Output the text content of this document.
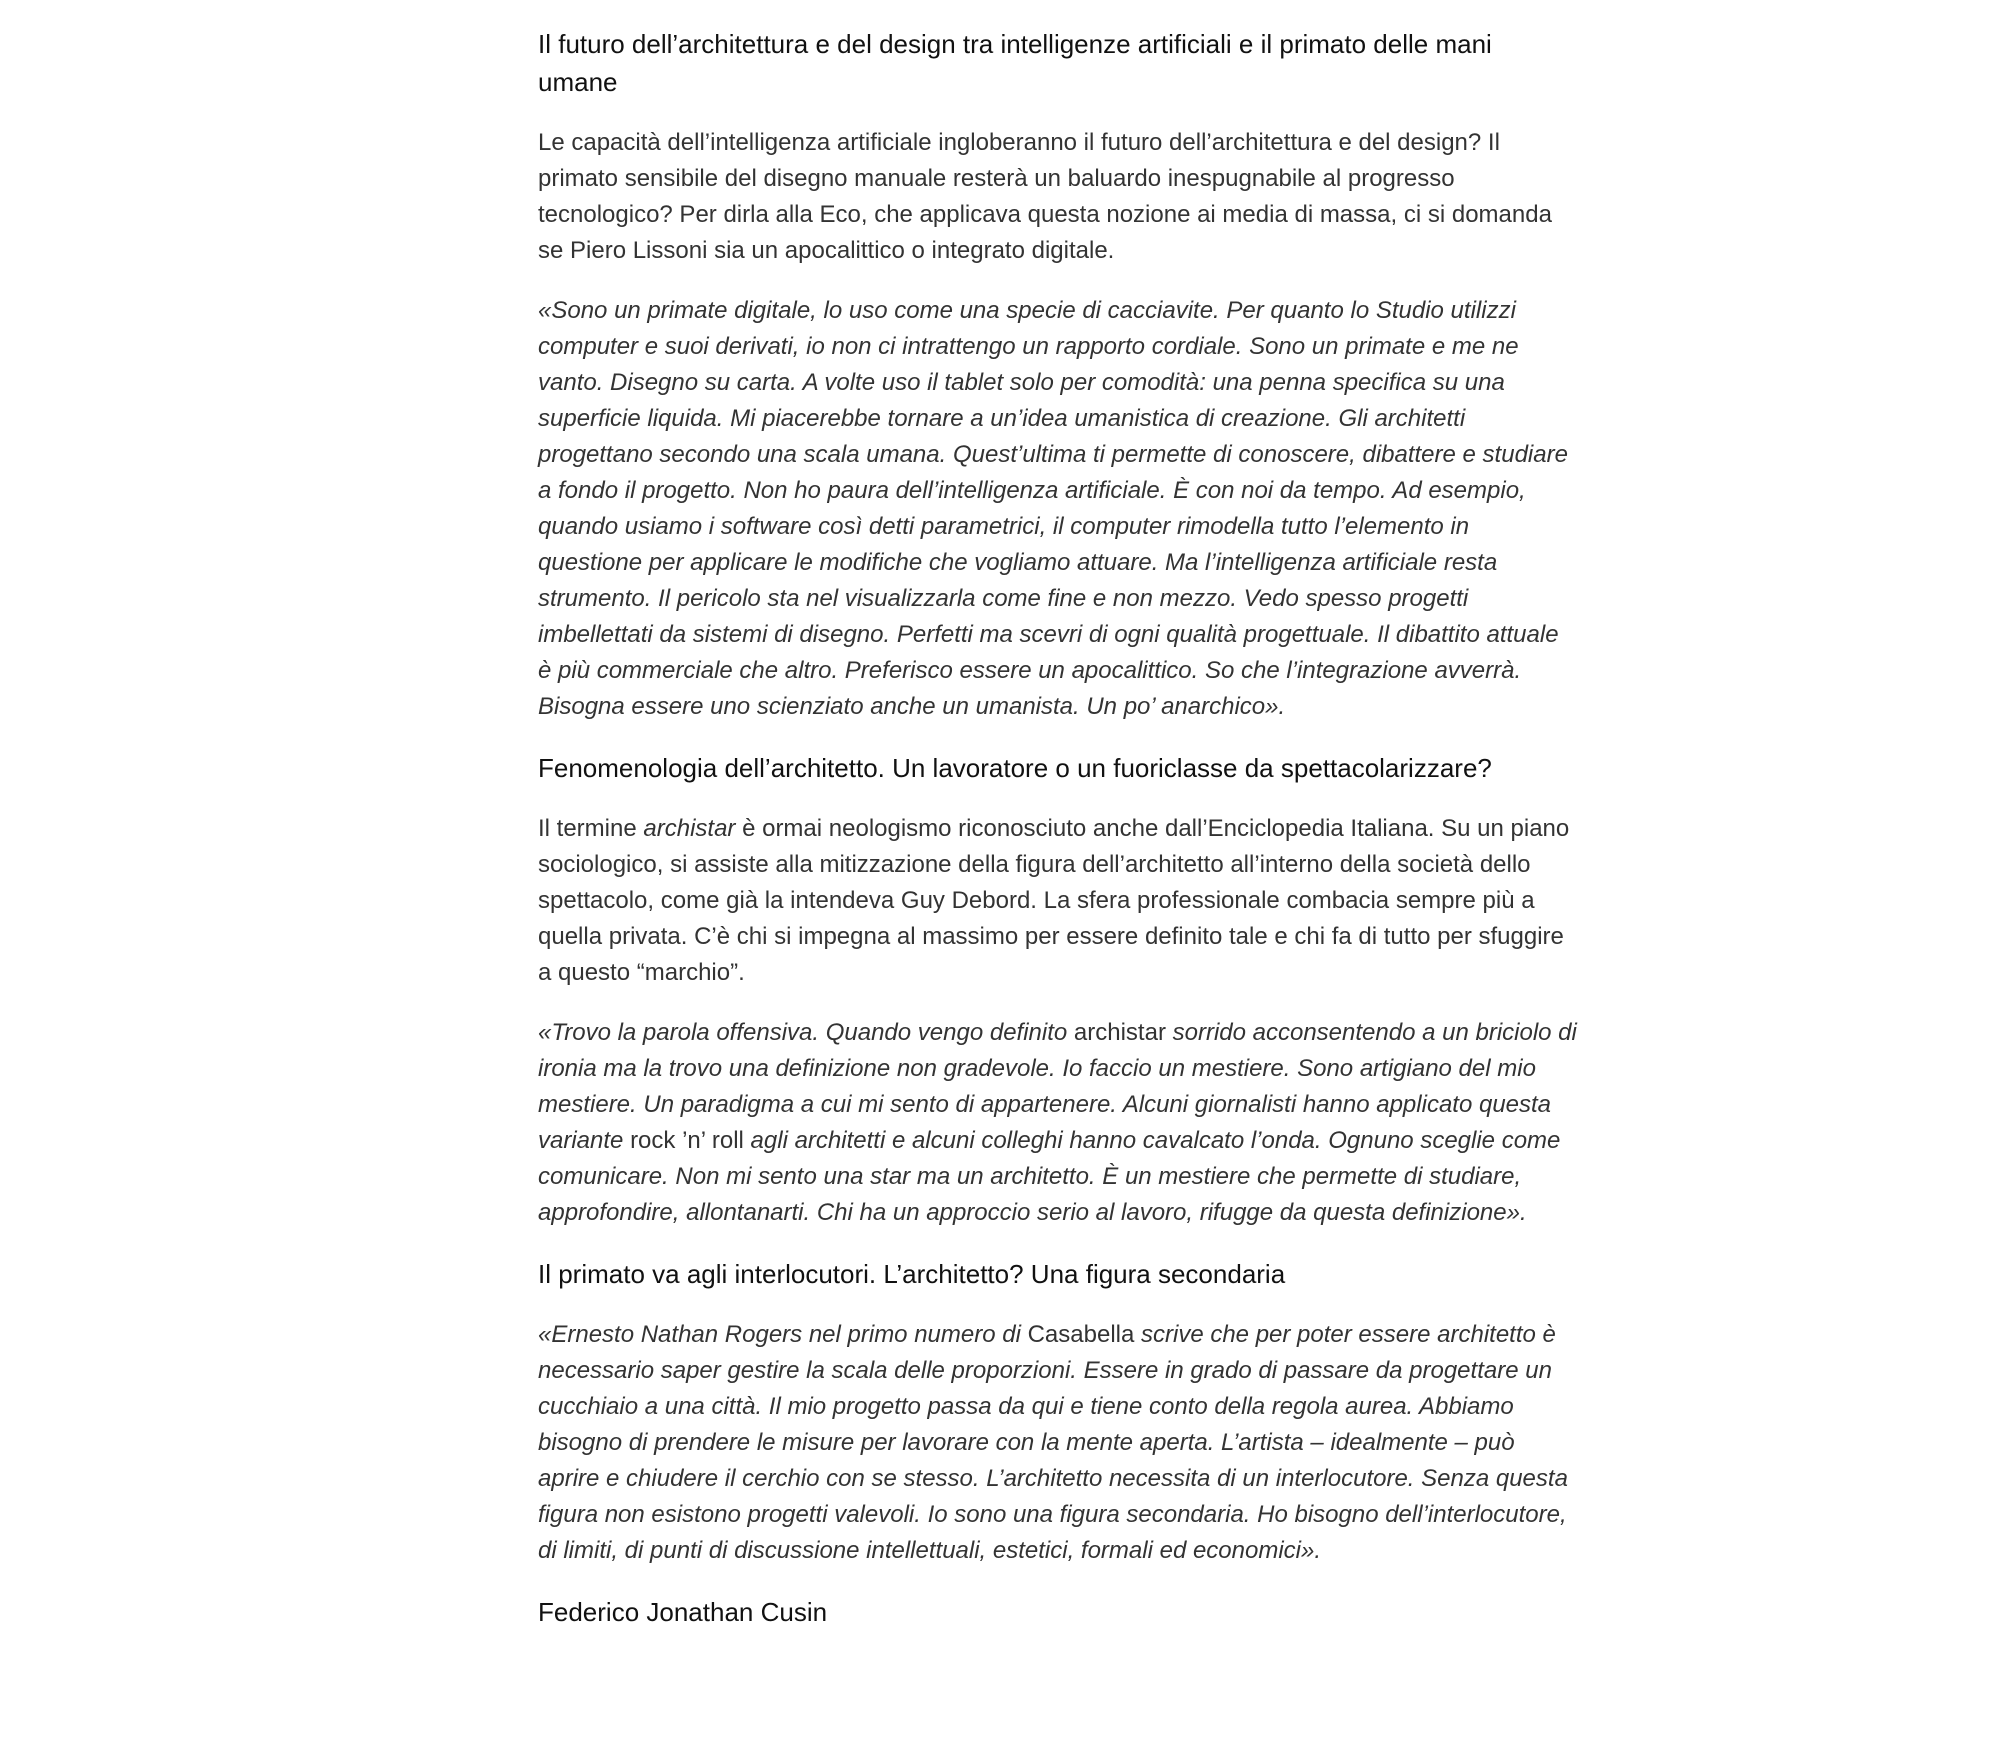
Il futuro dell’architettura e del design tra intelligenze artificiali e il primato delle mani umane

Le capacità dell’intelligenza artificiale ingloberanno il futuro dell’architettura e del design? Il primato sensibile del disegno manuale resterà un baluardo inespugnabile al progresso tecnologico? Per dirla alla Eco, che applicava questa nozione ai media di massa, ci si domanda se Piero Lissoni sia un apocalittico o integrato digitale.

«Sono un primate digitale, lo uso come una specie di cacciavite. Per quanto lo Studio utilizzi computer e suoi derivati, io non ci intrattengo un rapporto cordiale. Sono un primate e me ne vanto. Disegno su carta. A volte uso il tablet solo per comodità: una penna specifica su una superficie liquida. Mi piacerebbe tornare a un’idea umanistica di creazione. Gli architetti progettano secondo una scala umana. Quest’ultima ti permette di conoscere, dibattere e studiare a fondo il progetto. Non ho paura dell’intelligenza artificiale. È con noi da tempo. Ad esempio, quando usiamo i software così detti parametrici, il computer rimodella tutto l’elemento in questione per applicare le modifiche che vogliamo attuare. Ma l’intelligenza artificiale resta strumento. Il pericolo sta nel visualizzarla come fine e non mezzo. Vedo spesso progetti imbellettati da sistemi di disegno. Perfetti ma scevri di ogni qualità progettuale. Il dibattito attuale è più commerciale che altro. Preferisco essere un apocalittico. So che l’integrazione avverrà. Bisogna essere uno scienziato anche un umanista. Un po’ anarchico».

Fenomenologia dell’architetto. Un lavoratore o un fuoriclasse da spettacolarizzare?

Il termine archistar è ormai neologismo riconosciuto anche dall’Enciclopedia Italiana. Su un piano sociologico, si assiste alla mitizzazione della figura dell’architetto all’interno della società dello spettacolo, come già la intendeva Guy Debord. La sfera professionale combacia sempre più a quella privata. C’è chi si impegna al massimo per essere definito tale e chi fa di tutto per sfuggire a questo “marchio”.

«Trovo la parola offensiva. Quando vengo definito archistar sorrido acconsentendo a un briciolo di ironia ma la trovo una definizione non gradevole. Io faccio un mestiere. Sono artigiano del mio mestiere. Un paradigma a cui mi sento di appartenere. Alcuni giornalisti hanno applicato questa variante rock ’n’ roll agli architetti e alcuni colleghi hanno cavalcato l’onda. Ognuno sceglie come comunicare. Non mi sento una star ma un architetto. È un mestiere che permette di studiare, approfondire, allontanarti. Chi ha un approccio serio al lavoro, rifugge da questa definizione».

Il primato va agli interlocutori. L’architetto? Una figura secondaria

«Ernesto Nathan Rogers nel primo numero di Casabella scrive che per poter essere architetto è necessario saper gestire la scala delle proporzioni. Essere in grado di passare da progettare un cucchiaio a una città. Il mio progetto passa da qui e tiene conto della regola aurea. Abbiamo bisogno di prendere le misure per lavorare con la mente aperta. L’artista – idealmente – può aprire e chiudere il cerchio con se stesso. L’architetto necessita di un interlocutore. Senza questa figura non esistono progetti valevoli. Io sono una figura secondaria. Ho bisogno dell’interlocutore, di limiti, di punti di discussione intellettuali, estetici, formali ed economici».

Federico Jonathan Cusin
